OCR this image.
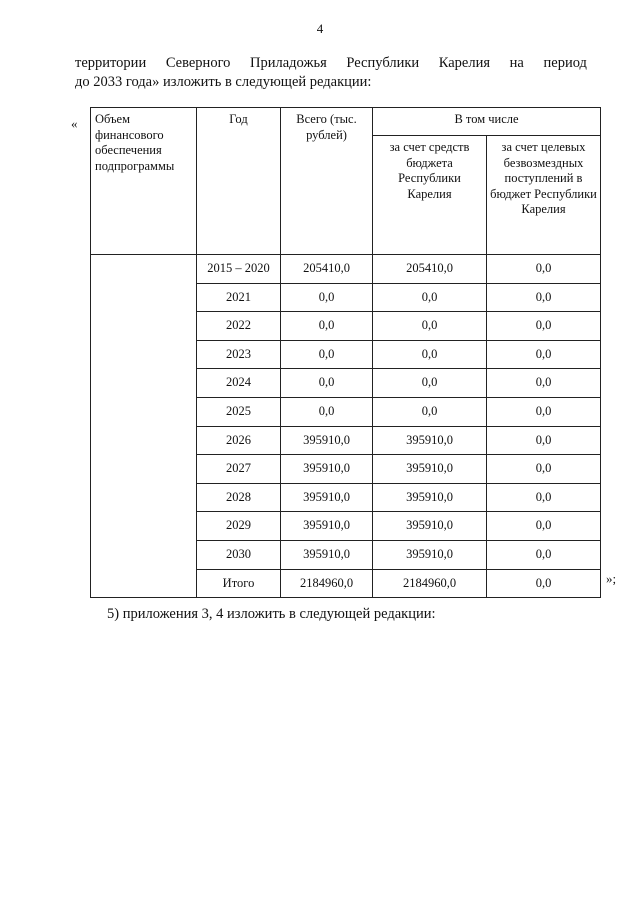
4
территории Северного Приладожья Республики Карелия на период
до 2033 года» изложить в следующей редакции:
« Объем финансового обеспечения подпрограммы	Год	Всего (тыс. рублей)	В том числе	
			за счет средств бюджета Республики Карелия	за счет целевых безвозмездных поступлений в бюджет Республики Карелия
	2015 – 2020	205410,0	205410,0	0,0
	2021	0,0	0,0	0,0
	2022	0,0	0,0	0,0
	2023	0,0	0,0	0,0
	2024	0,0	0,0	0,0
	2025	0,0	0,0	0,0
	2026	395910,0	395910,0	0,0
	2027	395910,0	395910,0	0,0
	2028	395910,0	395910,0	0,0
	2029	395910,0	395910,0	0,0
	2030	395910,0	395910,0	0,0
	Итого	2184960,0	2184960,0	0,0	»;
5) приложения 3, 4 изложить в следующей редакции:
